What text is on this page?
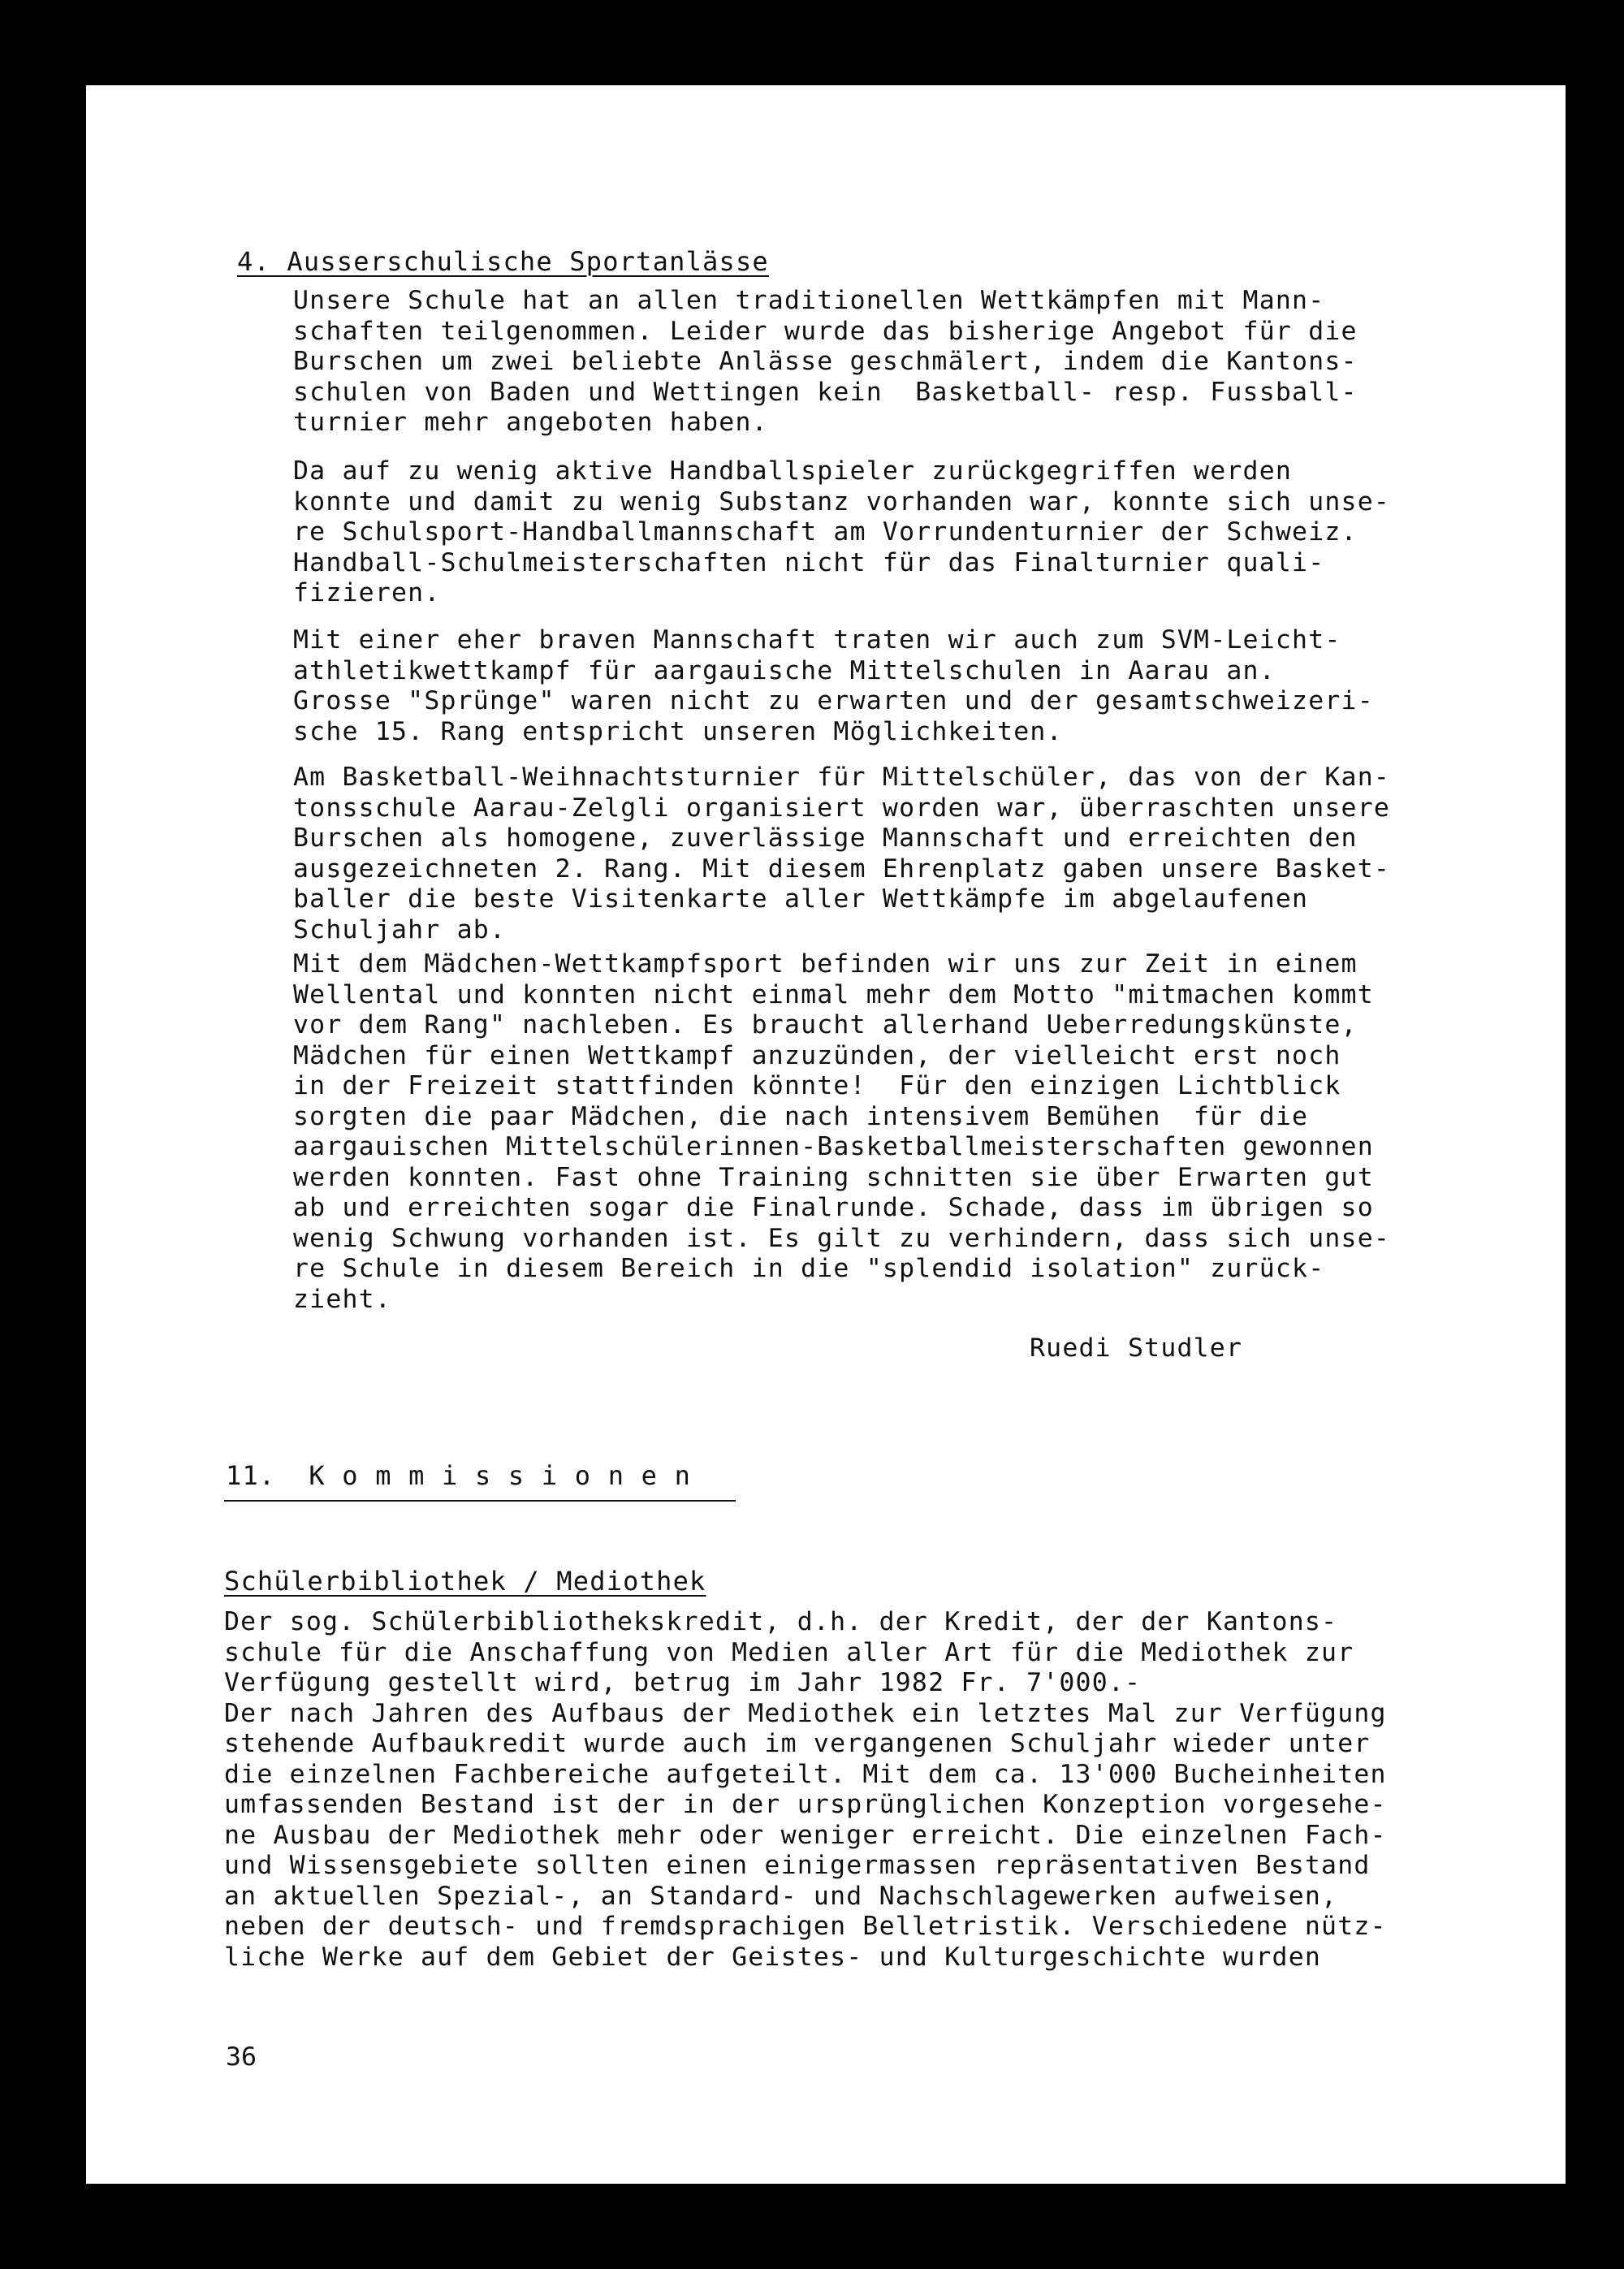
4. Ausserschulische Sportanlässe
Unsere Schule hat an allen traditionellen Wettkämpfen mit Mann-
schaften teilgenommen. Leider wurde das bisherige Angebot für die
Burschen um zwei beliebte Anlässe geschmälert, indem die Kantons-
schulen von Baden und Wettingen kein  Basketball- resp. Fussball-
turnier mehr angeboten haben.
Da auf zu wenig aktive Handballspieler zurückgegriffen werden
konnte und damit zu wenig Substanz vorhanden war, konnte sich unse-
re Schulsport-Handballmannschaft am Vorrundenturnier der Schweiz.
Handball-Schulmeisterschaften nicht für das Finalturnier quali-
fizieren.
Mit einer eher braven Mannschaft traten wir auch zum SVM-Leicht-
athletikwettkampf für aargauische Mittelschulen in Aarau an.
Grosse "Sprünge" waren nicht zu erwarten und der gesamtschweizeri-
sche 15. Rang entspricht unseren Möglichkeiten.
Am Basketball-Weihnachtsturnier für Mittelschüler, das von der Kan-
tonsschule Aarau-Zelgli organisiert worden war, überraschten unsere
Burschen als homogene, zuverlässige Mannschaft und erreichten den
ausgezeichneten 2. Rang. Mit diesem Ehrenplatz gaben unsere Basket-
baller die beste Visitenkarte aller Wettkämpfe im abgelaufenen
Schuljahr ab.
Mit dem Mädchen-Wettkampfsport befinden wir uns zur Zeit in einem
Wellental und konnten nicht einmal mehr dem Motto "mitmachen kommt
vor dem Rang" nachleben. Es braucht allerhand Ueberredungskünste,
Mädchen für einen Wettkampf anzuzünden, der vielleicht erst noch
in der Freizeit stattfinden könnte!  Für den einzigen Lichtblick
sorgten die paar Mädchen, die nach intensivem Bemühen  für die
aargauischen Mittelschülerinnen-Basketballmeisterschaften gewonnen
werden konnten. Fast ohne Training schnitten sie über Erwarten gut
ab und erreichten sogar die Finalrunde. Schade, dass im übrigen so
wenig Schwung vorhanden ist. Es gilt zu verhindern, dass sich unse-
re Schule in diesem Bereich in die "splendid isolation" zurück-
zieht.
Ruedi Studler
11.  K o m m i s s i o n e n
Schülerbibliothek / Mediothek
Der sog. Schülerbibliothekskredit, d.h. der Kredit, der der Kantons-
schule für die Anschaffung von Medien aller Art für die Mediothek zur
Verfügung gestellt wird, betrug im Jahr 1982 Fr. 7'000.-
Der nach Jahren des Aufbaus der Mediothek ein letztes Mal zur Verfügung
stehende Aufbaukredit wurde auch im vergangenen Schuljahr wieder unter
die einzelnen Fachbereiche aufgeteilt. Mit dem ca. 13'000 Bucheinheiten
umfassenden Bestand ist der in der ursprünglichen Konzeption vorgesehe-
ne Ausbau der Mediothek mehr oder weniger erreicht. Die einzelnen Fach-
und Wissensgebiete sollten einen einigermassen repräsentativen Bestand
an aktuellen Spezial-, an Standard- und Nachschlagewerken aufweisen,
neben der deutsch- und fremdsprachigen Belletristik. Verschiedene nütz-
liche Werke auf dem Gebiet der Geistes- und Kulturgeschichte wurden
36
